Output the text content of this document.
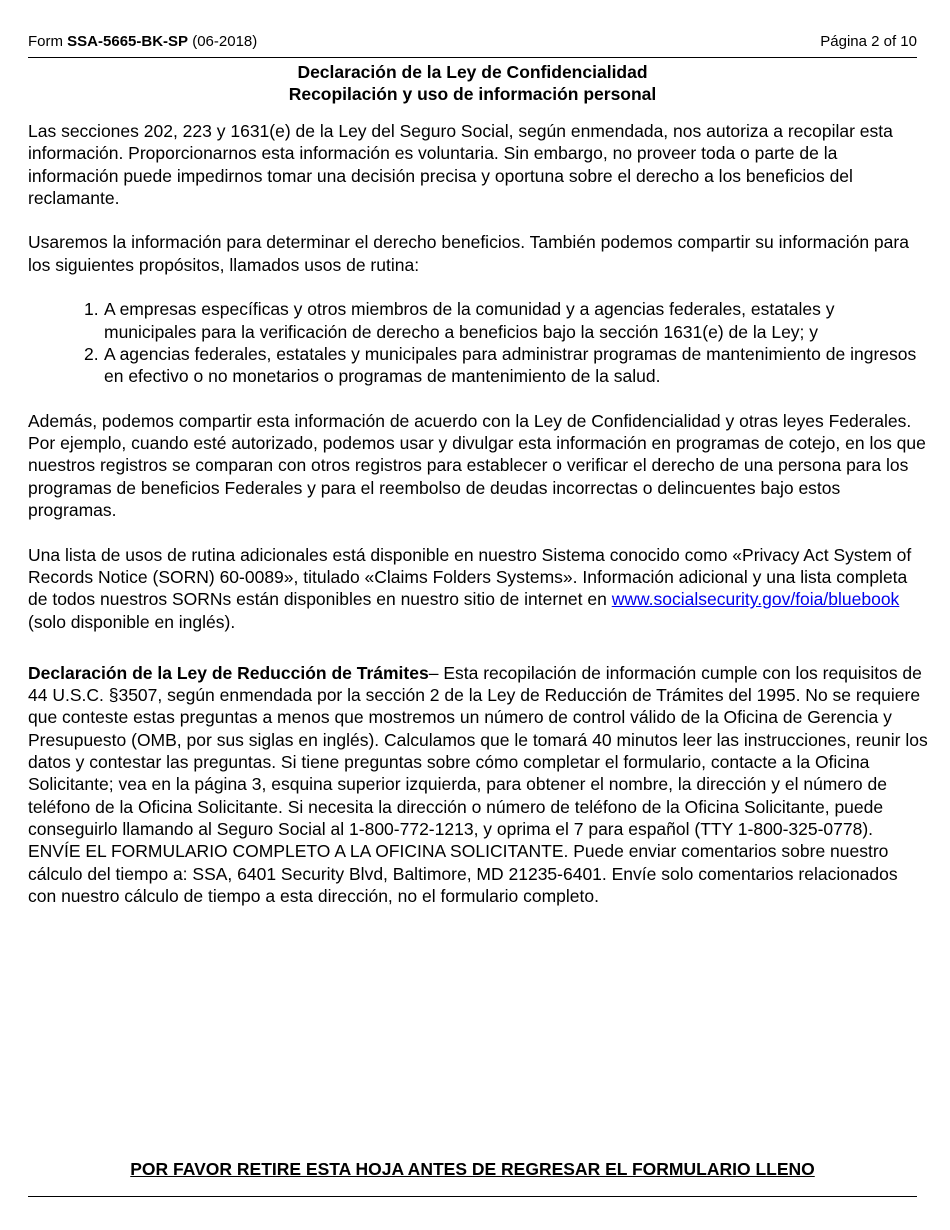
Form SSA-5665-BK-SP (06-2018)	Página 2 of 10
Declaración de la Ley de Confidencialidad
Recopilación y uso de información personal

Las secciones 202, 223 y 1631(e) de la Ley del Seguro Social, según enmendada, nos autoriza a recopilar esta información. Proporcionarnos esta información es voluntaria. Sin embargo, no proveer toda o parte de la información puede impedirnos tomar una decisión precisa y oportuna sobre el derecho a los beneficios del reclamante.

Usaremos la información para determinar el derecho beneficios. También podemos compartir su información para los siguientes propósitos, llamados usos de rutina:

1. A empresas específicas y otros miembros de la comunidad y a agencias federales, estatales y municipales para la verificación de derecho a beneficios bajo la sección 1631(e) de la Ley; y
2. A agencias federales, estatales y municipales para administrar programas de mantenimiento de ingresos en efectivo o no monetarios o programas de mantenimiento de la salud.

Además, podemos compartir esta información de acuerdo con la Ley de Confidencialidad y otras leyes Federales. Por ejemplo, cuando esté autorizado, podemos usar y divulgar esta información en programas de cotejo, en los que nuestros registros se comparan con otros registros para establecer o verificar el derecho de una persona para los programas de beneficios Federales y para el reembolso de deudas incorrectas o delincuentes bajo estos programas.

Una lista de usos de rutina adicionales está disponible en nuestro Sistema conocido como «Privacy Act System of Records Notice (SORN) 60-0089», titulado «Claims Folders Systems». Información adicional y una lista completa de todos nuestros SORNs están disponibles en nuestro sitio de internet en www.socialsecurity.gov/foia/bluebook (solo disponible en inglés).

Declaración de la Ley de Reducción de Trámites– Esta recopilación de información cumple con los requisitos de 44 U.S.C. §3507, según enmendada por la sección 2 de la Ley de Reducción de Trámites del 1995. No se requiere que conteste estas preguntas a menos que mostremos un número de control válido de la Oficina de Gerencia y Presupuesto (OMB, por sus siglas en inglés). Calculamos que le tomará 40 minutos leer las instrucciones, reunir los datos y contestar las preguntas. Si tiene preguntas sobre cómo completar el formulario, contacte a la Oficina Solicitante; vea en la página 3, esquina superior izquierda, para obtener el nombre, la dirección y el número de teléfono de la Oficina Solicitante. Si necesita la dirección o número de teléfono de la Oficina Solicitante, puede conseguirlo llamando al Seguro Social al 1-800-772-1213, y oprima el 7 para español (TTY 1-800-325-0778). ENVÍE EL FORMULARIO COMPLETO A LA OFICINA SOLICITANTE. Puede enviar comentarios sobre nuestro cálculo del tiempo a: SSA, 6401 Security Blvd, Baltimore, MD 21235-6401. Envíe solo comentarios relacionados con nuestro cálculo de tiempo a esta dirección, no el formulario completo.

POR FAVOR RETIRE ESTA HOJA ANTES DE REGRESAR EL FORMULARIO LLENO
